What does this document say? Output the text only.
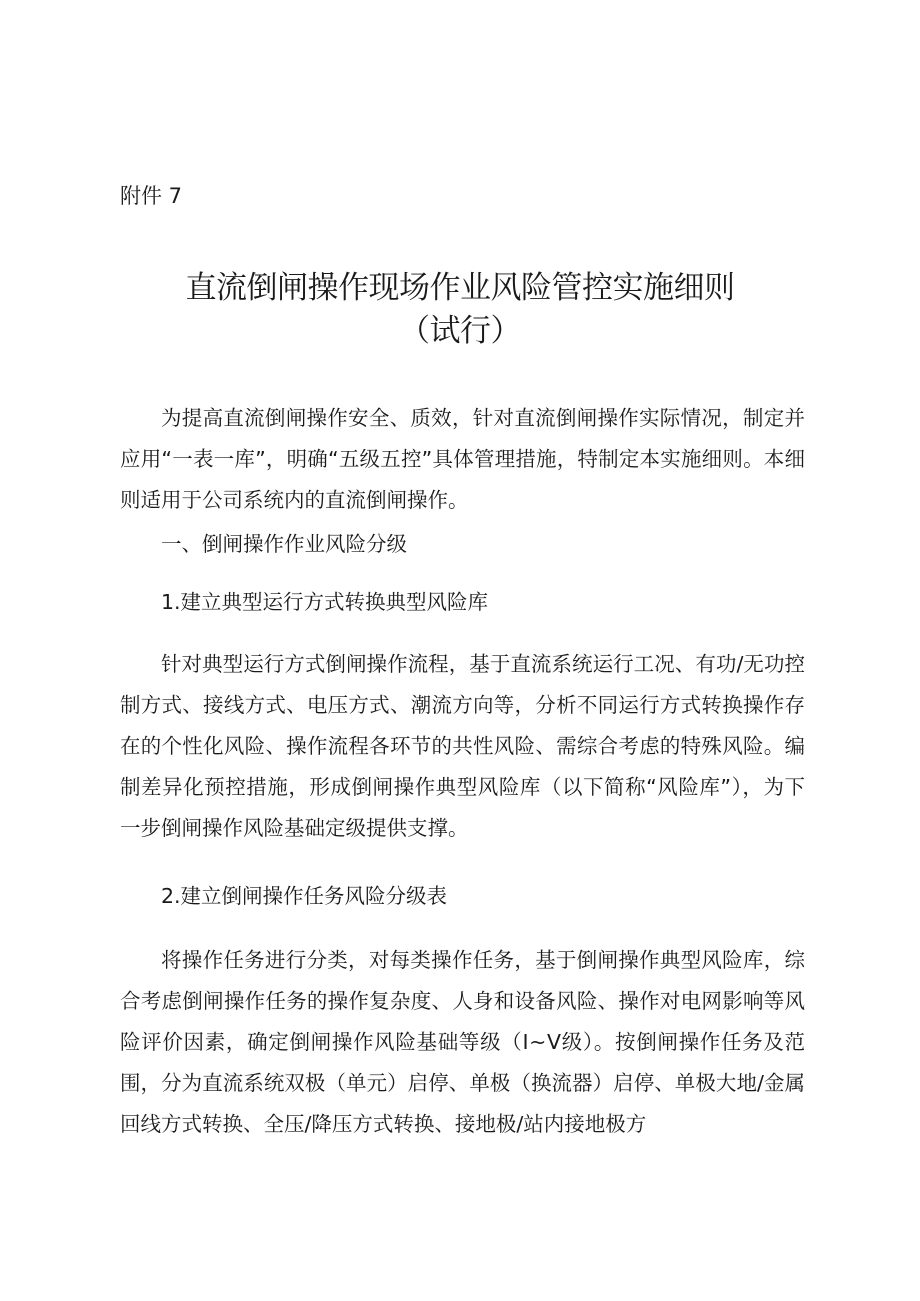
附件 7
直流倒闸操作现场作业风险管控实施细则
（试行）

为提高直流倒闸操作安全、质效，针对直流倒闸操作实际情况，制定并应用“一表一库”，明确“五级五控”具体管理措施，特制定本实施细则。本细则适用于公司系统内的直流倒闸操作。

一、倒闸操作作业风险分级

1.建立典型运行方式转换典型风险库

针对典型运行方式倒闸操作流程，基于直流系统运行工况、有功/无功控制方式、接线方式、电压方式、潮流方向等，分析不同运行方式转换操作存在的个性化风险、操作流程各环节的共性风险、需综合考虑的特殊风险。编制差异化预控措施，形成倒闸操作典型风险库（以下简称“风险库”），为下一步倒闸操作风险基础定级提供支撑。

2.建立倒闸操作任务风险分级表

将操作任务进行分类，对每类操作任务，基于倒闸操作典型风险库，综合考虑倒闸操作任务的操作复杂度、人身和设备风险、操作对电网影响等风险评价因素，确定倒闸操作风险基础等级（Ⅰ~Ⅴ级）。按倒闸操作任务及范围，分为直流系统双极（单元）启停、单极（换流器）启停、单极大地/金属回线方式转换、全压/降压方式转换、接地极/站内接地极方
